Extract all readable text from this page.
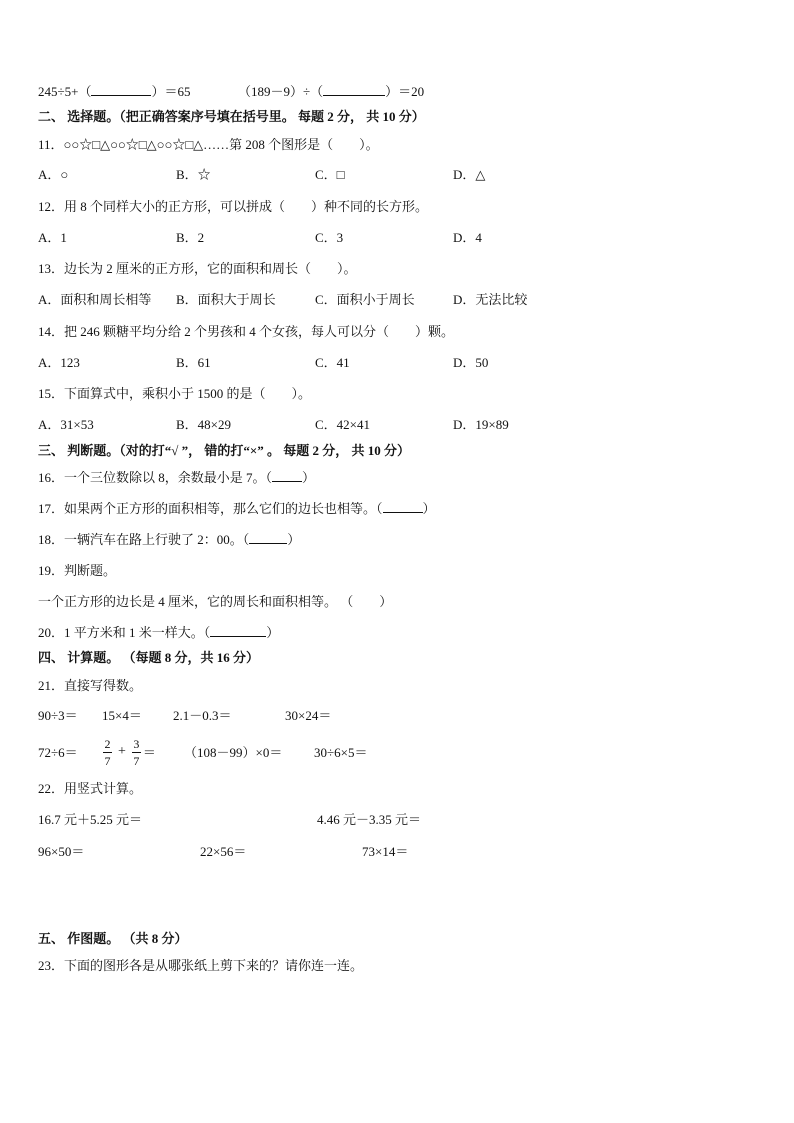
245÷5+（	）＝65	（189－9）÷（	）＝20
二、 选择题。（把正确答案序号填在括号里。 每题 2 分， 共 10 分）
11．○○☆□△○○☆□△○○☆□△……第 208 个图形是（　　）。
A．○	B．☆	C．□	D．△
12．用 8 个同样大小的正方形，可以拼成（　　）种不同的长方形。
A．1	B．2	C．3	D．4
13．边长为 2 厘米的正方形，它的面积和周长（　　）。
A．面积和周长相等 B．面积大于周长	C．面积小于周长	D．无法比较
14．把 246 颗糖平均分给 2 个男孩和 4 个女孩，每人可以分（　　）颗。
A．123	B．61	C．41	D．50
15．下面算式中，乘积小于 1500 的是（　　）。
A．31×53	B．48×29	C．42×41	D．19×89
三、 判断题。（对的打“√ ”， 错的打“×” 。 每题 2 分， 共 10 分）
16．一个三位数除以 8，余数最小是 7。（ ）
17．如果两个正方形的面积相等，那么它们的边长也相等。（	）
18．一辆汽车在路上行驶了 2：00。（	）
19．判断题。
一个正方形的边长是 4 厘米，它的周长和面积相等。 （　　）
20．1 平方米和 1 米一样大。（	）
四、 计算题。 （每题 8 分，共 16 分）
21．直接写得数。
90÷3＝ 15×4＝ 2.1－0.3＝	30×24＝
$72\div 6= \frac{2}{7} + \frac{3}{7} = (108-99)\times 0= 30\div 6\times 5=$
22．用竖式计算。
16.7 元＋5.25 元＝	4.46 元－3.35 元＝
96×50＝	22×56＝	73×14＝
五、 作图题。 （共 8 分）
23．下面的图形各是从哪张纸上剪下来的？请你连一连。
